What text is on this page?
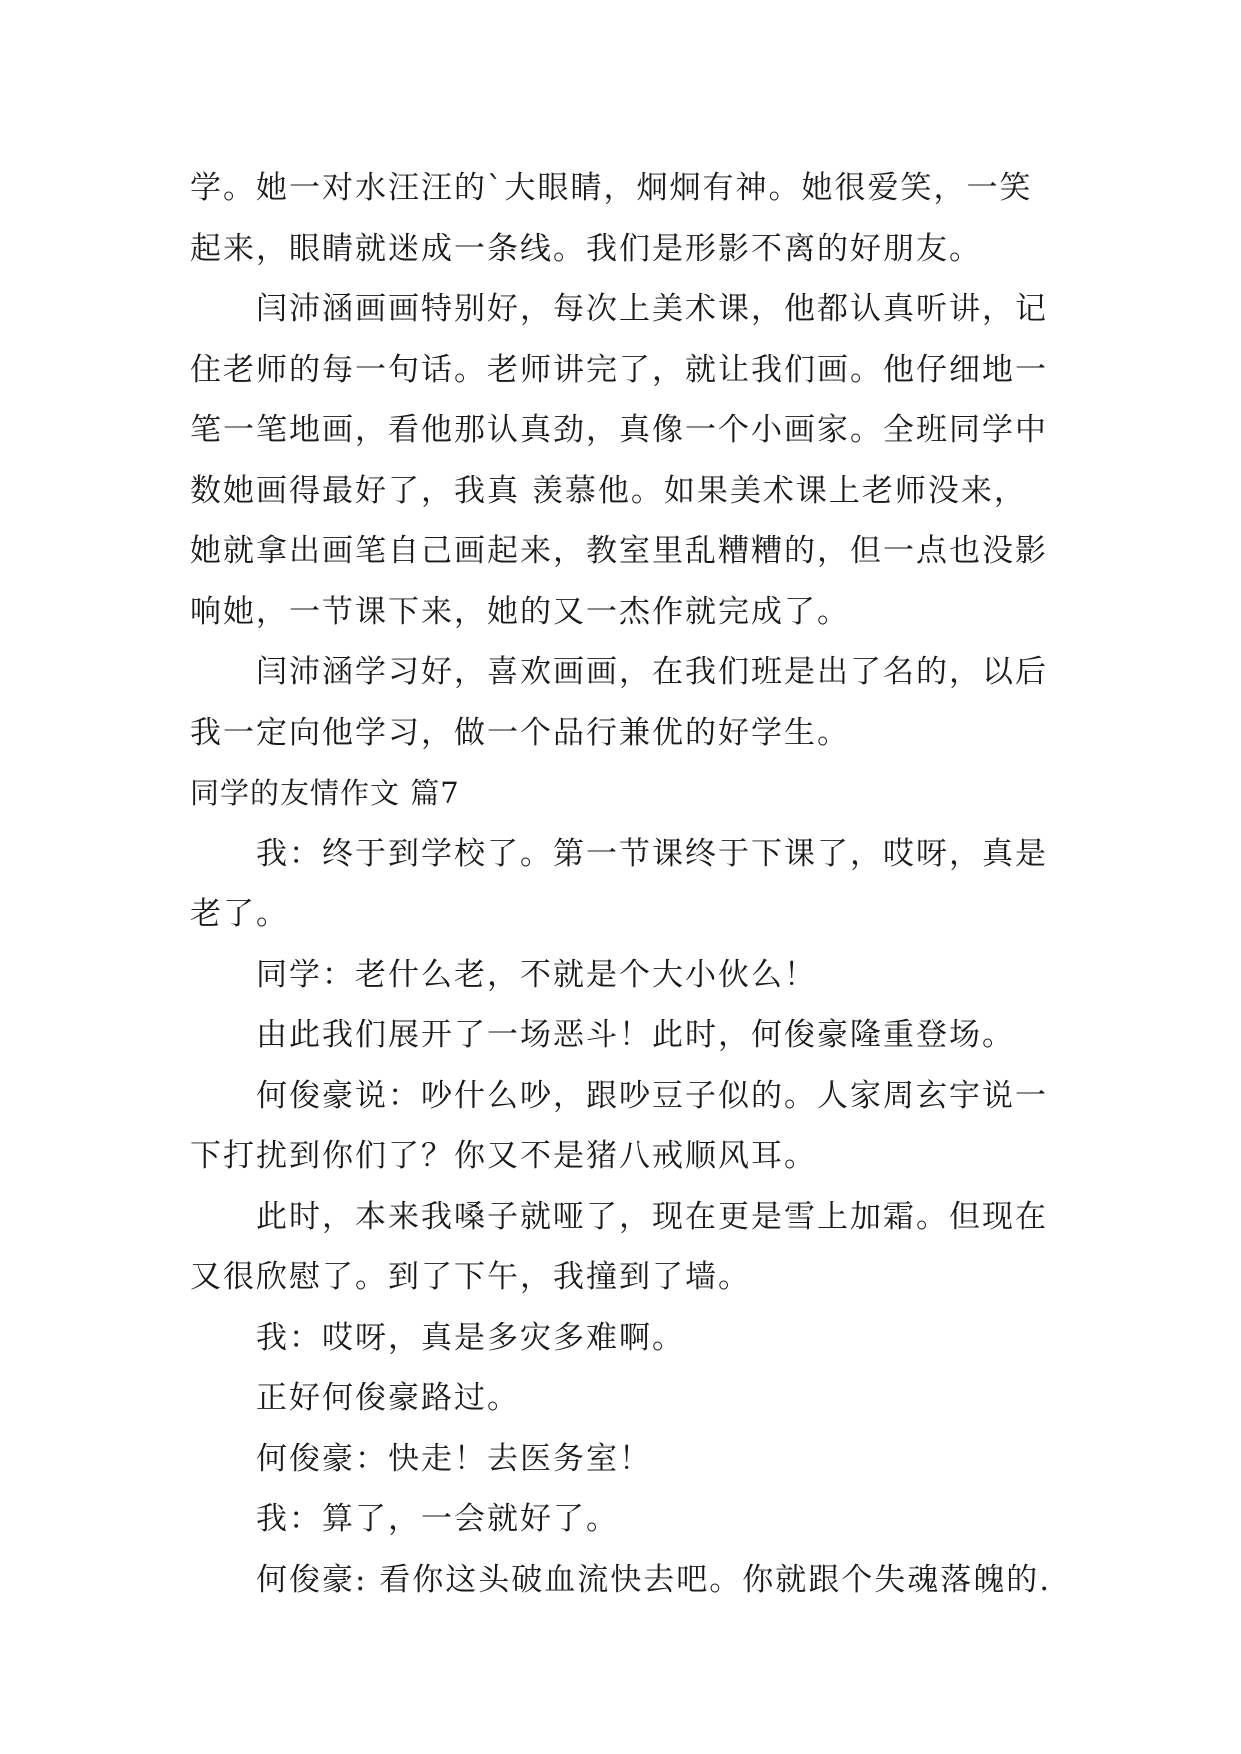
学。她一对水汪汪的`大眼睛，炯炯有神。她很爱笑，一笑
起来，眼睛就迷成一条线。我们是形影不离的好朋友。
闫沛涵画画特别好，每次上美术课，他都认真听讲，记
住老师的每一句话。老师讲完了，就让我们画。他仔细地一
笔一笔地画，看他那认真劲，真像一个小画家。全班同学中
数她画得最好了，我真 羡慕他。如果美术课上老师没来，
她就拿出画笔自己画起来，教室里乱糟糟的，但一点也没影
响她，一节课下来，她的又一杰作就完成了。
闫沛涵学习好，喜欢画画，在我们班是出了名的，以后
我一定向他学习，做一个品行兼优的好学生。
同学的友情作文 篇7
我：终于到学校了。第一节课终于下课了，哎呀，真是
老了。
同学：老什么老，不就是个大小伙么！
由此我们展开了一场恶斗！此时，何俊豪隆重登场。
何俊豪说：吵什么吵，跟吵豆子似的。人家周玄宇说一
下打扰到你们了？你又不是猪八戒顺风耳。
此时，本来我嗓子就哑了，现在更是雪上加霜。但现在
又很欣慰了。到了下午，我撞到了墙。
我：哎呀，真是多灾多难啊。
正好何俊豪路过。
何俊豪：快走！去医务室！
我：算了，一会就好了。
何俊豪: 看你这头破血流快去吧。你就跟个失魂落魄的.
